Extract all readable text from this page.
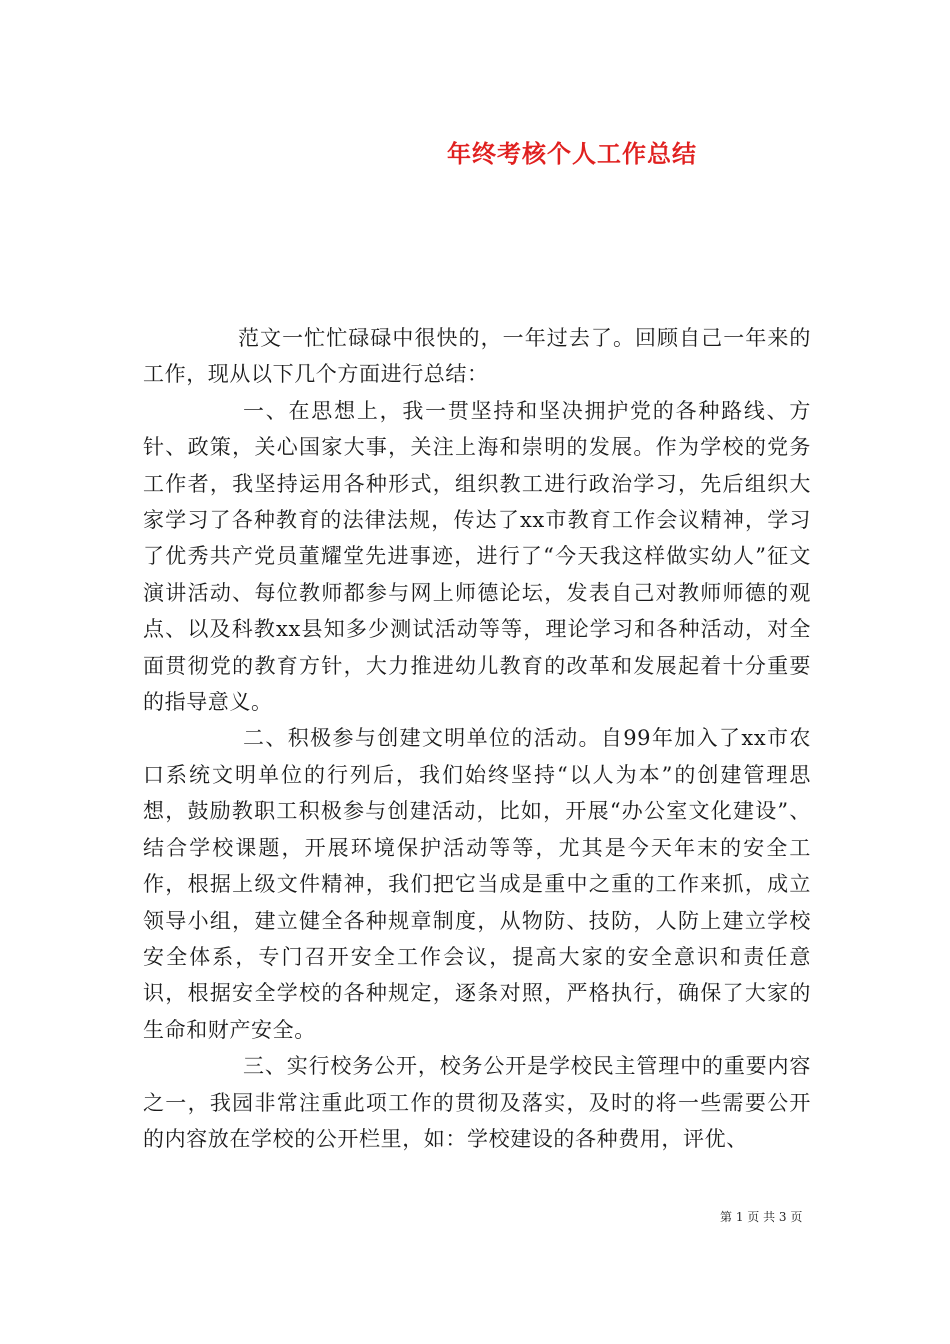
年终考核个人工作总结

范文一忙忙碌碌中很快的，一年过去了。回顾自己一年来的工作，现从以下几个方面进行总结：

一、在思想上，我一贯坚持和坚决拥护党的各种路线、方针、政策，关心国家大事，关注上海和崇明的发展。作为学校的党务工作者，我坚持运用各种形式，组织教工进行政治学习，先后组织大家学习了各种教育的法律法规，传达了xx市教育工作会议精神，学习了优秀共产党员董耀堂先进事迹，进行了“今天我这样做实幼人”征文演讲活动、每位教师都参与网上师德论坛，发表自己对教师师德的观点、以及科教xx县知多少测试活动等等，理论学习和各种活动，对全面贯彻党的教育方针，大力推进幼儿教育的改革和发展起着十分重要的指导意义。

二、积极参与创建文明单位的活动。自99年加入了xx市农口系统文明单位的行列后，我们始终坚持“以人为本”的创建管理思想，鼓励教职工积极参与创建活动，比如，开展“办公室文化建设”、结合学校课题，开展环境保护活动等等，尤其是今天年末的安全工作，根据上级文件精神，我们把它当成是重中之重的工作来抓，成立领导小组，建立健全各种规章制度，从物防、技防，人防上建立学校安全体系，专门召开安全工作会议，提高大家的安全意识和责任意识，根据安全学校的各种规定，逐条对照，严格执行，确保了大家的生命和财产安全。

三、实行校务公开，校务公开是学校民主管理中的重要内容之一，我园非常注重此项工作的贯彻及落实，及时的将一些需要公开的内容放在学校的公开栏里，如：学校建设的各种费用，评优、

第 1 页 共 3 页
